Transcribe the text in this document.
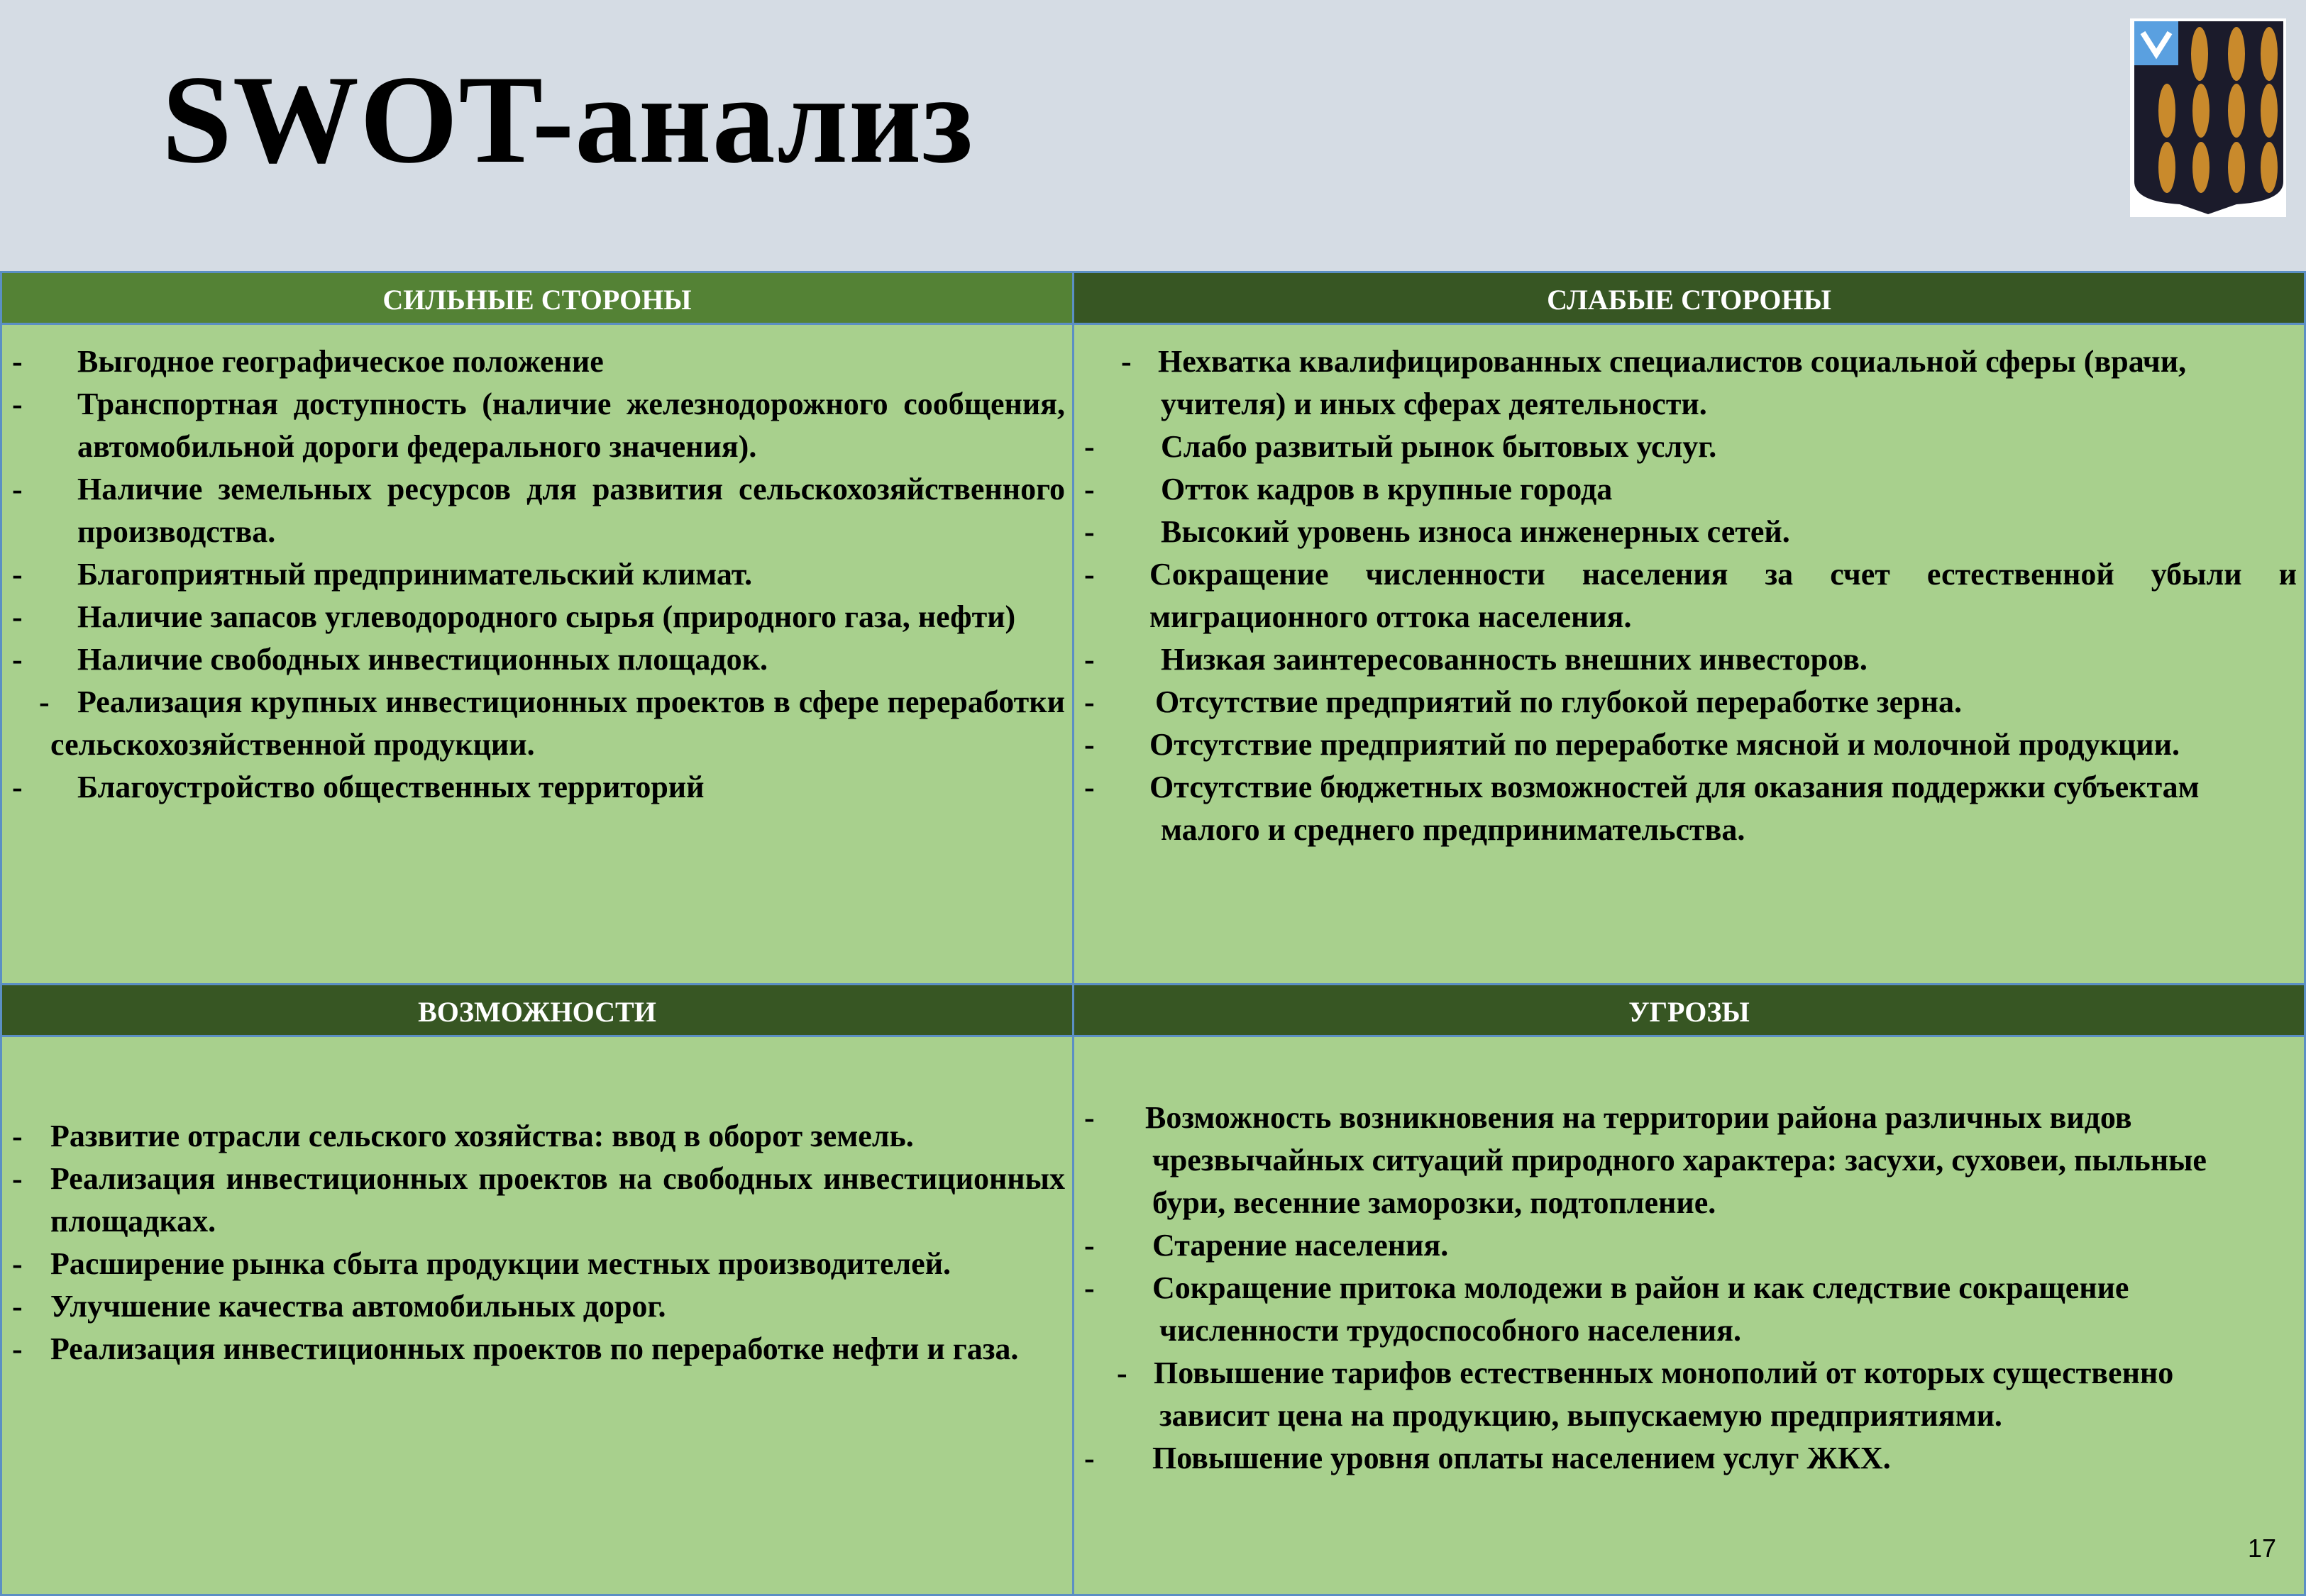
SWOT-анализ
СИЛЬНЫЕ СТОРОНЫ	СЛАБЫЕ СТОРОНЫ
- Выгодное географическое положение
- Транспортная доступность (наличие железнодорожного сообщения, автомобильной дороги федерального значения).
- Наличие земельных ресурсов для развития сельскохозяйственного производства.
- Благоприятный предпринимательский климат.
- Наличие запасов углеводородного сырья (природного газа, нефти)
- Наличие свободных инвестиционных площадок.
- Реализация крупных инвестиционных проектов в сфере переработки сельскохозяйственной продукции.
- Благоустройство общественных территорий
- Нехватка квалифицированных специалистов социальной сферы (врачи,
учителя) и иных сферах деятельности.
- Слабо развитый рынок бытовых услуг.
- Отток кадров в крупные города
- Высокий уровень износа инженерных сетей.
- Сокращение численности населения за счет естественной убыли и миграционного оттока населения.
- Низкая заинтересованность внешних инвесторов.
- Отсутствие предприятий по глубокой переработке зерна.
- Отсутствие предприятий по переработке мясной и молочной продукции.
- Отсутствие бюджетных возможностей для оказания поддержки субъектам
малого и среднего предпринимательства.
ВОЗМОЖНОСТИ	УГРОЗЫ
- Развитие отрасли сельского хозяйства: ввод в оборот земель.
- Реализация инвестиционных проектов на свободных инвестиционных площадках.
- Расширение рынка сбыта продукции местных производителей.
- Улучшение качества автомобильных дорог.
- Реализация инвестиционных проектов по переработке нефти и газа.
- Возможность возникновения на территории района различных видов
чрезвычайных ситуаций природного характера: засухи, суховеи, пыльные
бури, весенние заморозки, подтопление.
- Старение населения.
- Сокращение притока молодежи в район и как следствие сокращение
численности трудоспособного населения.
- Повышение тарифов естественных монополий от которых существенно
зависит цена на продукцию, выпускаемую предприятиями.
- Повышение уровня оплаты населением услуг ЖКХ.
17
